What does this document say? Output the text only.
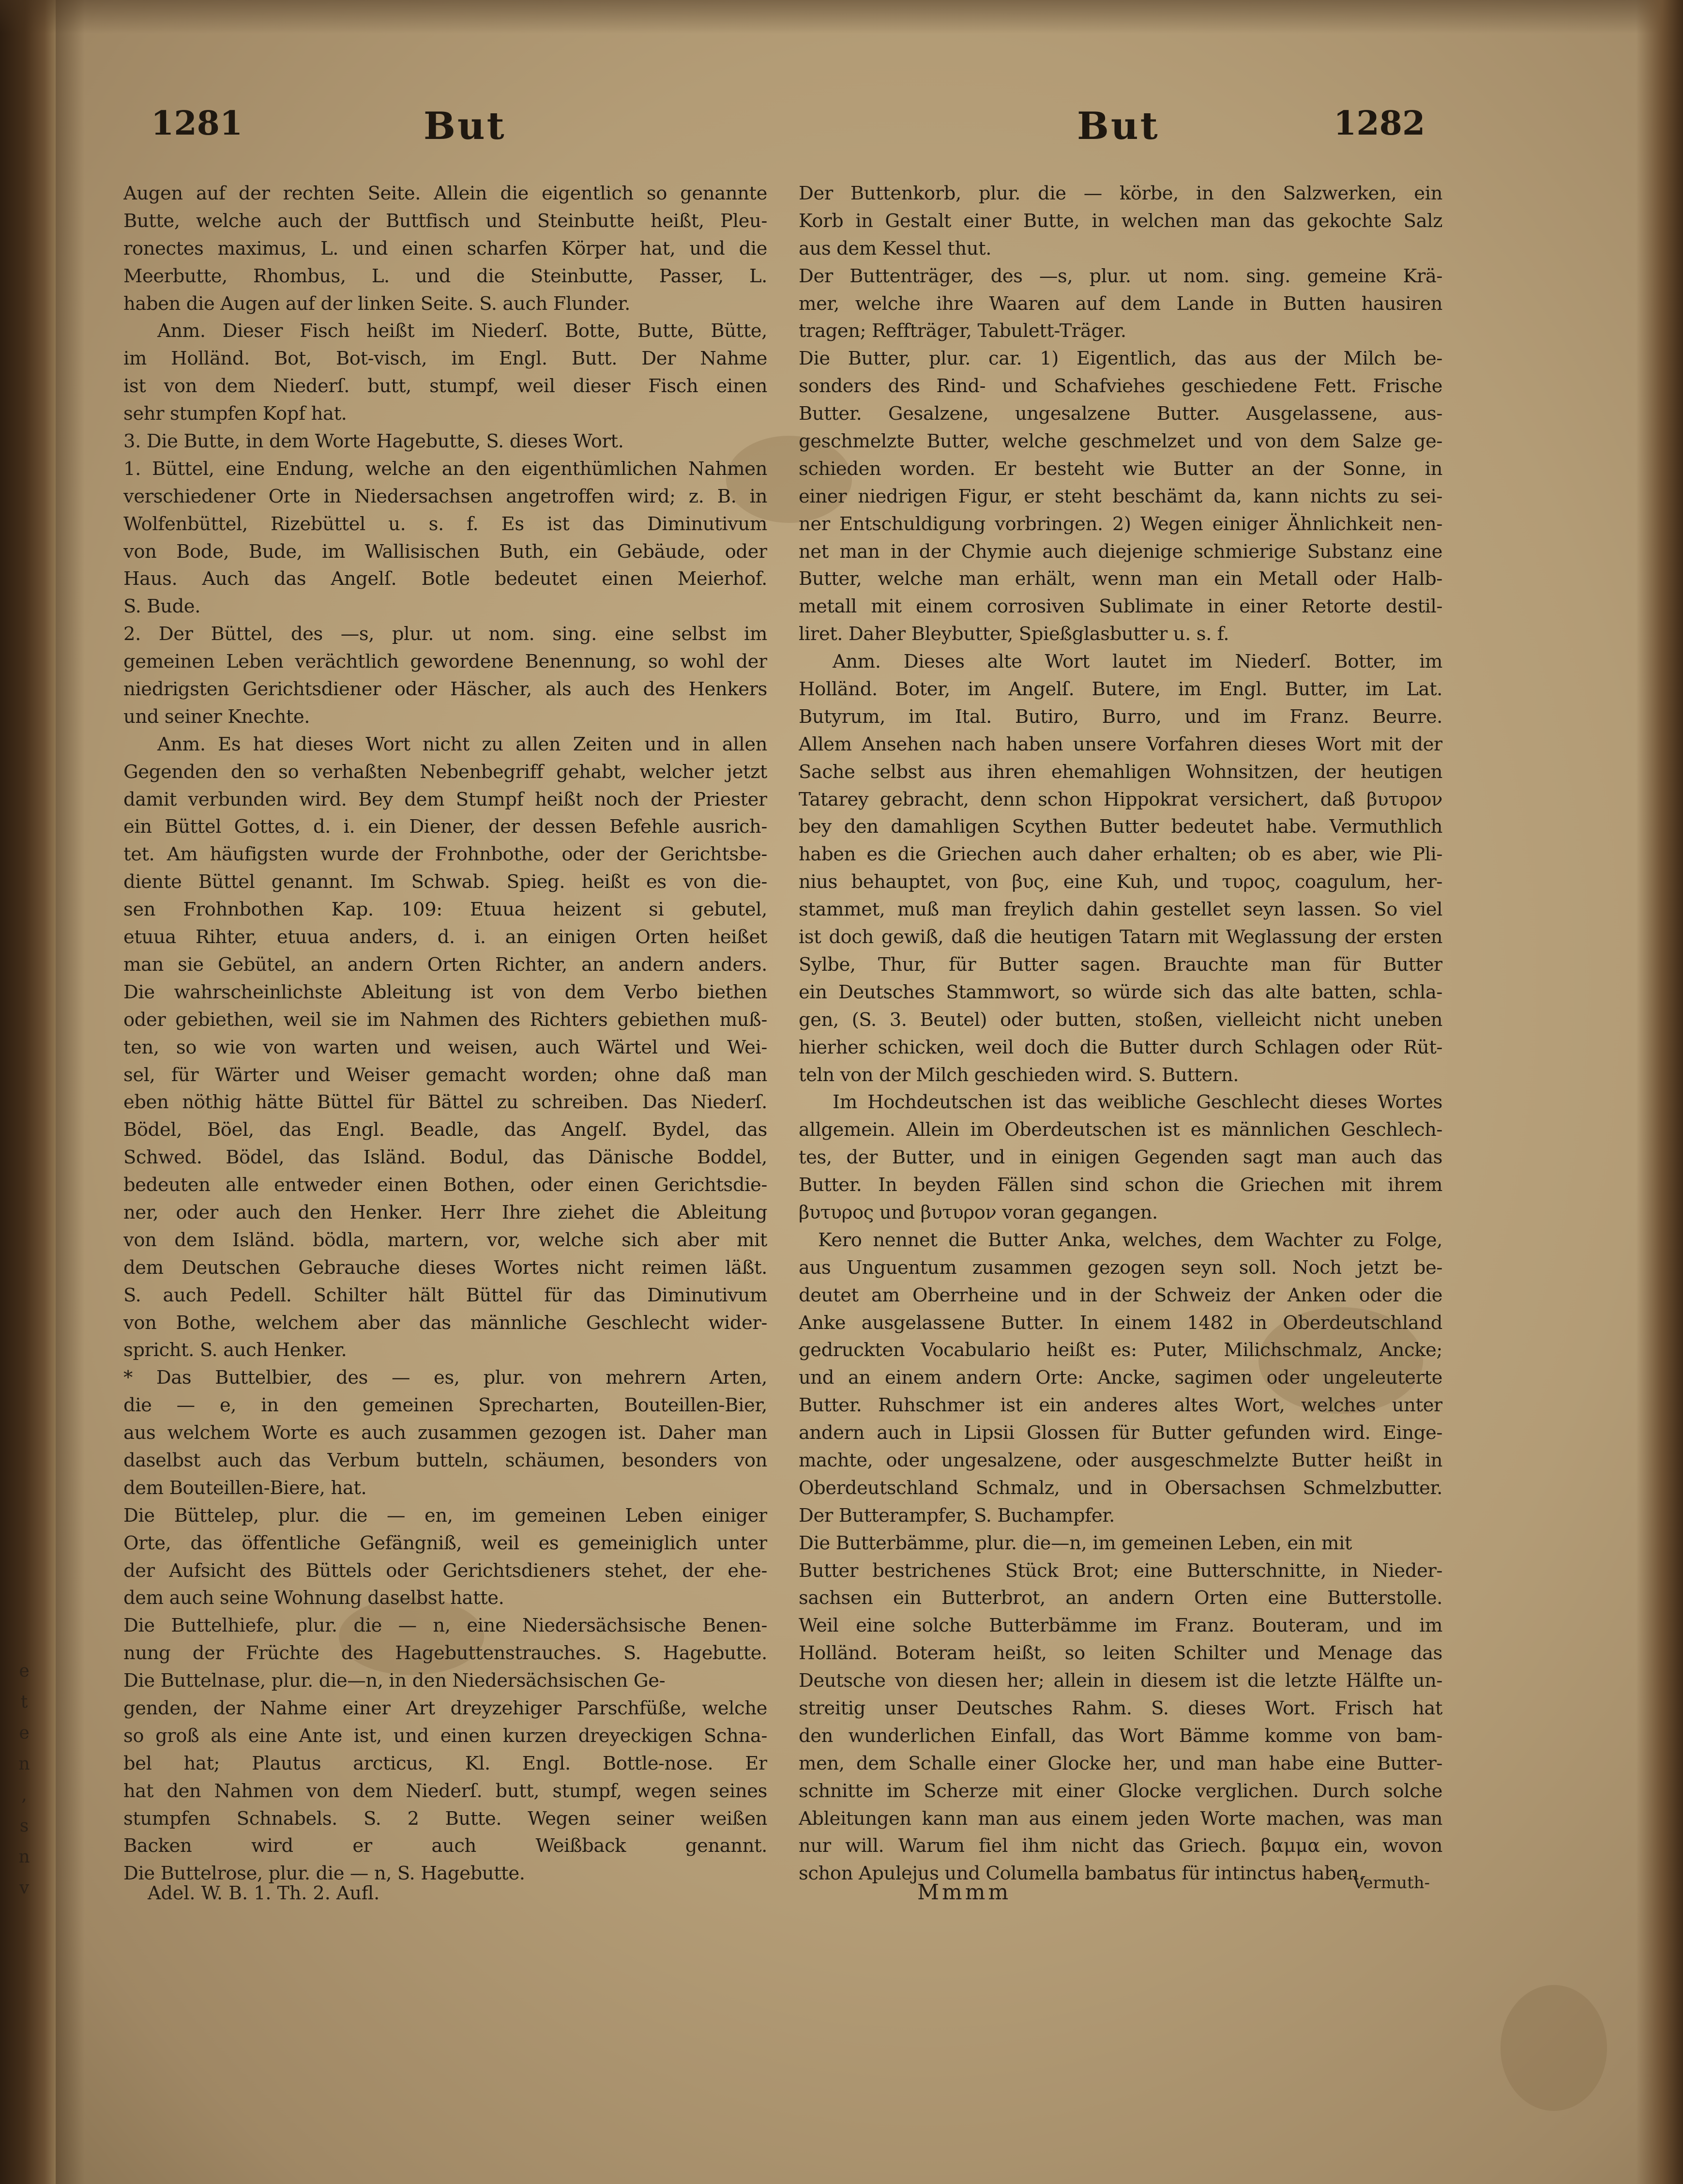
e
t
e
n
,
s
n
v
1281	But	But	1282
Augen auf der rechten Seite. Allein die eigentlich so genannte
Butte, welche auch der Buttfisch und Steinbutte heißt, Pleu-
ronectes maximus, L. und einen scharfen Körper hat, und die
Meerbutte, Rhombus, L. und die Steinbutte, Passer, L.
haben die Augen auf der linken Seite. S. auch Flunder.
Anm. Dieser Fisch heißt im Niederſ. Botte, Butte, Bütte,
im Holländ. Bot, Bot-visch, im Engl. Butt. Der Nahme
ist von dem Niederſ. butt, stumpf, weil dieser Fisch einen
sehr stumpfen Kopf hat.
3. Die Butte, in dem Worte Hagebutte, S. dieses Wort.
1. Büttel, eine Endung, welche an den eigenthümlichen Nahmen
verschiedener Orte in Niedersachsen angetroffen wird; z. B. in
Wolfenbüttel, Rizebüttel u. s. f. Es ist das Diminutivum
von Bode, Bude, im Wallisischen Buth, ein Gebäude, oder
Haus. Auch das Angelſ. Botle bedeutet einen Meierhof.
S. Bude.
2. Der Büttel, des —s, plur. ut nom. sing. eine selbst im
gemeinen Leben verächtlich gewordene Benennung, so wohl der
niedrigsten Gerichtsdiener oder Häscher, als auch des Henkers
und seiner Knechte.
Anm. Es hat dieses Wort nicht zu allen Zeiten und in allen
Gegenden den so verhaßten Nebenbegriff gehabt, welcher jetzt
damit verbunden wird. Bey dem Stumpf heißt noch der Priester
ein Büttel Gottes, d. i. ein Diener, der dessen Befehle ausrich-
tet. Am häufigsten wurde der Frohnbothe, oder der Gerichtsbe-
diente Büttel genannt. Im Schwab. Spieg. heißt es von die-
sen Frohnbothen Kap. 109: Etuua heizent si gebutel,
etuua Rihter, etuua anders, d. i. an einigen Orten heißet
man sie Gebütel, an andern Orten Richter, an andern anders.
Die wahrscheinlichste Ableitung ist von dem Verbo biethen
oder gebiethen, weil sie im Nahmen des Richters gebiethen muß-
ten, so wie von warten und weisen, auch Wärtel und Wei-
sel, für Wärter und Weiser gemacht worden; ohne daß man
eben nöthig hätte Büttel für Bättel zu schreiben. Das Niederſ.
Bödel, Böel, das Engl. Beadle, das Angelſ. Bydel, das
Schwed. Bödel, das Isländ. Bodul, das Dänische Boddel,
bedeuten alle entweder einen Bothen, oder einen Gerichtsdie-
ner, oder auch den Henker. Herr Ihre ziehet die Ableitung
von dem Isländ. bödla, martern, vor, welche sich aber mit
dem Deutschen Gebrauche dieses Wortes nicht reimen läßt.
S. auch Pedell. Schilter hält Büttel für das Diminutivum
von Bothe, welchem aber das männliche Geschlecht wider-
spricht. S. auch Henker.
* Das Buttelbier, des — es, plur. von mehrern Arten,
die — e, in den gemeinen Sprecharten, Bouteillen-Bier,
aus welchem Worte es auch zusammen gezogen ist. Daher man
daselbst auch das Verbum butteln, schäumen, besonders von
dem Bouteillen-Biere, hat.
Die Büttelep, plur. die — en, im gemeinen Leben einiger
Orte, das öffentliche Gefängniß, weil es gemeiniglich unter
der Aufsicht des Büttels oder Gerichtsdieners stehet, der ehe-
dem auch seine Wohnung daselbst hatte.
Die Buttelhiefe, plur. die — n, eine Niedersächsische Benen-
nung der Früchte des Hagebuttenstrauches. S. Hagebutte.
Die Buttelnase, plur. die—n, in den Niedersächsischen Ge-
genden, der Nahme einer Art dreyzehiger Parschfüße, welche
so groß als eine Ante ist, und einen kurzen dreyeckigen Schna-
bel hat; Plautus arcticus, Kl. Engl. Bottle-nose. Er
hat den Nahmen von dem Niederſ. butt, stumpf, wegen seines
stumpfen Schnabels. S. 2 Butte. Wegen seiner weißen
Backen wird er auch Weißback genannt.
Die Buttelrose, plur. die — n, S. Hagebutte.
Der Buttenkorb, plur. die — körbe, in den Salzwerken, ein
Korb in Gestalt einer Butte, in welchen man das gekochte Salz
aus dem Kessel thut.
Der Buttenträger, des —s, plur. ut nom. sing. gemeine Krä-
mer, welche ihre Waaren auf dem Lande in Butten hausiren
tragen; Reffträger, Tabulett-Träger.
Die Butter, plur. car. 1) Eigentlich, das aus der Milch be-
sonders des Rind- und Schafviehes geschiedene Fett. Frische
Butter. Gesalzene, ungesalzene Butter. Ausgelassene, aus-
geschmelzte Butter, welche geschmelzet und von dem Salze ge-
schieden worden. Er besteht wie Butter an der Sonne, in
einer niedrigen Figur, er steht beschämt da, kann nichts zu sei-
ner Entschuldigung vorbringen. 2) Wegen einiger Ähnlichkeit nen-
net man in der Chymie auch diejenige schmierige Substanz eine
Butter, welche man erhält, wenn man ein Metall oder Halb-
metall mit einem corrosiven Sublimate in einer Retorte destil-
liret. Daher Bleybutter, Spießglasbutter u. s. f.
Anm. Dieses alte Wort lautet im Niederſ. Botter, im
Holländ. Boter, im Angelſ. Butere, im Engl. Butter, im Lat.
Butyrum, im Ital. Butiro, Burro, und im Franz. Beurre.
Allem Ansehen nach haben unsere Vorfahren dieses Wort mit der
Sache selbst aus ihren ehemahligen Wohnsitzen, der heutigen
Tatarey gebracht, denn schon Hippokrat versichert, daß βυτυρον
bey den damahligen Scythen Butter bedeutet habe. Vermuthlich
haben es die Griechen auch daher erhalten; ob es aber, wie Pli-
nius behauptet, von βυς, eine Kuh, und τυρος, coagulum, her-
stammet, muß man freylich dahin gestellet seyn lassen. So viel
ist doch gewiß, daß die heutigen Tatarn mit Weglassung der ersten
Sylbe, Thur, für Butter sagen. Brauchte man für Butter
ein Deutsches Stammwort, so würde sich das alte batten, schla-
gen, (S. 3. Beutel) oder butten, stoßen, vielleicht nicht uneben
hierher schicken, weil doch die Butter durch Schlagen oder Rüt-
teln von der Milch geschieden wird. S. Buttern.
Im Hochdeutschen ist das weibliche Geschlecht dieses Wortes
allgemein. Allein im Oberdeutschen ist es männlichen Geschlech-
tes, der Butter, und in einigen Gegenden sagt man auch das
Butter. In beyden Fällen sind schon die Griechen mit ihrem
βυτυρος und βυτυρον voran gegangen.
Kero nennet die Butter Anka, welches, dem Wachter zu Folge,
aus Unguentum zusammen gezogen seyn soll. Noch jetzt be-
deutet am Oberrheine und in der Schweiz der Anken oder die
Anke ausgelassene Butter. In einem 1482 in Oberdeutschland
gedruckten Vocabulario heißt es: Puter, Milichschmalz, Ancke;
und an einem andern Orte: Ancke, sagimen oder ungeleuterte
Butter. Ruhschmer ist ein anderes altes Wort, welches unter
andern auch in Lipsii Glossen für Butter gefunden wird. Einge-
machte, oder ungesalzene, oder ausgeschmelzte Butter heißt in
Oberdeutschland Schmalz, und in Obersachsen Schmelzbutter.
Der Butterampfer, S. Buchampfer.
Die Butterbämme, plur. die—n, im gemeinen Leben, ein mit
Butter bestrichenes Stück Brot; eine Butterschnitte, in Nieder-
sachsen ein Butterbrot, an andern Orten eine Butterstolle.
Weil eine solche Butterbämme im Franz. Bouteram, und im
Holländ. Boteram heißt, so leiten Schilter und Menage das
Deutsche von diesen her; allein in diesem ist die letzte Hälfte un-
streitig unser Deutsches Rahm. S. dieses Wort. Frisch hat
den wunderlichen Einfall, das Wort Bämme komme von bam-
men, dem Schalle einer Glocke her, und man habe eine Butter-
schnitte im Scherze mit einer Glocke verglichen. Durch solche
Ableitungen kann man aus einem jeden Worte machen, was man
nur will. Warum fiel ihm nicht das Griech. βαμμα ein, wovon
schon Apulejus und Columella bambatus für intinctus haben.
Adel. W. B. 1. Th. 2. Aufl.	Mmmm	Vermuth-
